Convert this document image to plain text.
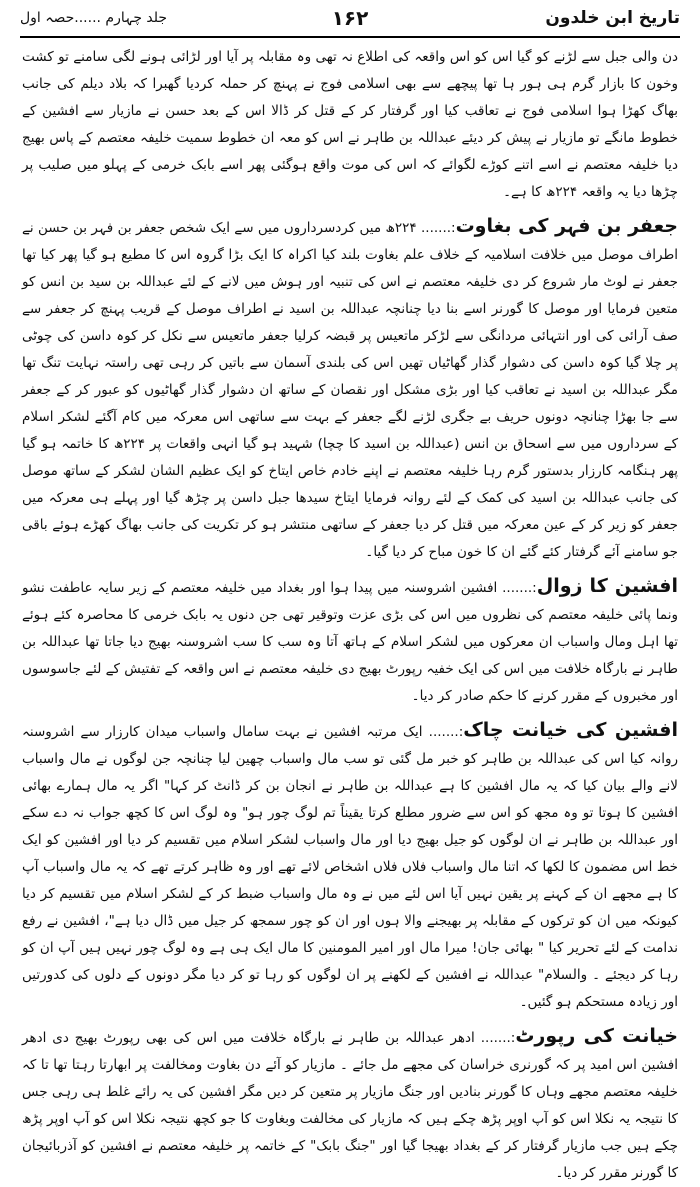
تاریخ ابن خلدون
۱۶۲
جلد چہارم ......حصہ اول

دن والی جبل سے لڑنے کو گیا اس کو اس واقعہ کی اطلاع نہ تھی وہ مقابلہ پر آیا اور لڑائی ہونے لگی سامنے تو کشت وخون کا بازار گرم ہی ہور ہا تھا پیچھے سے بھی اسلامی فوج نے پہنچ کر حملہ کردیا گھبرا کہ بلاد دیلم کی جانب بھاگ کھڑا ہوا اسلامی فوج نے تعاقب کیا اور گرفتار کر کے قتل کر ڈالا اس کے بعد حسن نے مازیار سے افشین کے خطوط مانگے تو مازیار نے پیش کر دیئے عبداللہ بن طاہر نے اس کو معہ ان خطوط سمیت خلیفہ معتصم کے پاس بھیج دیا خلیفہ معتصم نے اسے اتنے کوڑے لگوائے کہ اس کی موت واقع ہوگئی پھر اسے بابک خرمی کے پہلو میں صلیب پر چڑھا دیا یہ واقعہ ۲۲۴ھ کا ہے۔

جعفر بن فہر کی بغاوت:....... ۲۲۴ھ میں کردسرداروں میں سے ایک شخص جعفر بن فہر بن حسن نے اطراف موصل میں خلافت اسلامیہ کے خلاف علم بغاوت بلند کیا اکراہ کا ایک بڑا گروہ اس کا مطیع ہو گیا پھر کیا تھا جعفر نے لوٹ مار شروع کر دی خلیفہ معتصم نے اس کی تنبیہ اور ہوش میں لانے کے لئے عبداللہ بن سید بن انس کو متعین فرمایا اور موصل کا گورنر اسے بنا دیا چنانچہ عبداللہ بن اسید نے اطراف موصل کے قریب پہنچ کر جعفر سے صف آرائی کی اور انتہائی مردانگی سے لڑکر ماتعیس پر قبضہ کرلیا جعفر ماتعیس سے نکل کر کوہ داسن کی چوٹی پر چلا گیا کوہ داسن کی دشوار گذار گھاٹیاں تھیں اس کی بلندی آسمان سے باتیں کر رہی تھی راستہ نہایت تنگ تھا مگر عبداللہ بن اسید نے تعاقب کیا اور بڑی مشکل اور نقصان کے ساتھ ان دشوار گذار گھاٹیوں کو عبور کر کے جعفر سے جا بھڑا چنانچہ دونوں حریف بے جگری لڑنے لگے جعفر کے بہت سے ساتھی اس معرکہ میں کام آگئے لشکر اسلام کے سرداروں میں سے اسحاق بن انس (عبداللہ بن اسید کا چچا) شہید ہو گیا انہی واقعات پر ۲۲۴ھ کا خاتمہ ہو گیا پھر ہنگامہ کارزار بدستور گرم رہا خلیفہ معتصم نے اپنے خادم خاص ایتاخ کو ایک عظیم الشان لشکر کے ساتھ موصل کی جانب عبداللہ بن اسید کی کمک کے لئے روانہ فرمایا ایتاخ سیدھا جبل داسن پر چڑھ گیا اور پہلے ہی معرکہ میں جعفر کو زیر کر کے عین معرکہ میں قتل کر دیا جعفر کے ساتھی منتشر ہو کر تکریت کی جانب بھاگ کھڑے ہوئے باقی جو سامنے آئے گرفتار کئے گئے ان کا خون مباح کر دیا گیا۔

افشین کا زوال:....... افشین اشروسنہ میں پیدا ہوا اور بغداد میں خلیفہ معتصم کے زیر سایہ عاطفت نشو ونما پائی خلیفہ معتصم کی نظروں میں اس کی بڑی عزت وتوقیر تھی جن دنوں یہ بابک خرمی کا محاصرہ کئے ہوئے تھا اہل ومال واسباب ان معرکوں میں لشکر اسلام کے ہاتھ آتا وہ سب کا سب اشروسنہ بھیج دیا جاتا تھا عبداللہ بن طاہر نے بارگاہ خلافت میں اس کی ایک خفیہ رپورٹ بھیج دی خلیفہ معتصم نے اس واقعہ کے تفتیش کے لئے جاسوسوں اور مخبروں کے مقرر کرنے کا حکم صادر کر دیا۔

افشین کی خیانت چاک:....... ایک مرتبہ افشین نے بہت سامال واسباب میدان کارزار سے اشروسنہ روانہ کیا اس کی عبداللہ بن طاہر کو خبر مل گئی تو سب مال واسباب چھین لیا چنانچہ جن لوگوں نے مال واسباب لانے والے بیان کیا کہ یہ مال افشین کا ہے عبداللہ بن طاہر نے انجان بن کر ڈانٹ کر کہا" اگر یہ مال ہمارے بھائی افشین کا ہوتا تو وہ مجھ کو اس سے ضرور مطلع کرتا یقیناً تم لوگ چور ہو" وہ لوگ اس کا کچھ جواب نہ دے سکے اور عبداللہ بن طاہر نے ان لوگوں کو جیل بھیج دیا اور مال واسباب لشکر اسلام میں تقسیم کر دیا اور افشین کو ایک خط اس مضمون کا لکھا کہ اتنا مال واسباب فلاں فلاں اشخاص لائے تھے اور وہ ظاہر کرتے تھے کہ یہ مال واسباب آپ کا ہے مجھے ان کے کہنے پر یقین نہیں آیا اس لئے میں نے وہ مال واسباب ضبط کر کے لشکر اسلام میں تقسیم کر دیا کیونکہ میں ان کو ترکوں کے مقابلہ پر بھیجنے والا ہوں اور ان کو چور سمجھ کر جیل میں ڈال دیا ہے"، افشین نے رفع ندامت کے لئے تحریر کیا " بھائی جان! میرا مال اور امیر المومنین کا مال ایک ہی ہے وہ لوگ چور نہیں ہیں آپ ان کو رہا کر دیجئے ۔ والسلام" عبداللہ نے افشین کے لکھنے پر ان لوگوں کو رہا تو کر دیا مگر دونوں کے دلوں کی کدورتیں اور زیادہ مستحکم ہو گئیں۔

خیانت کی رپورٹ:....... ادھر عبداللہ بن طاہر نے بارگاہ خلافت میں اس کی بھی رپورٹ بھیج دی ادھر افشین اس امید پر کہ گورنری خراسان کی مجھے مل جائے ۔ مازیار کو آئے دن بغاوت ومخالفت پر ابھارتا رہتا تھا تا کہ خلیفہ معتصم مجھے وہاں کا گورنر بنادیں اور جنگ مازیار پر متعین کر دیں مگر افشین کی یہ رائے غلط ہی رہی جس کا نتیجہ یہ نکلا اس کو آپ اوپر پڑھ چکے ہیں کہ مازیار کی مخالفت وبغاوت کا جو کچھ نتیجہ نکلا اس کو آپ اوپر پڑھ چکے ہیں جب مازیار گرفتار کر کے بغداد بھیجا گیا اور "جنگ بابک" کے خاتمہ پر خلیفہ معتصم نے افشین کو آذربائیجان کا گورنر مقرر کر دیا۔
